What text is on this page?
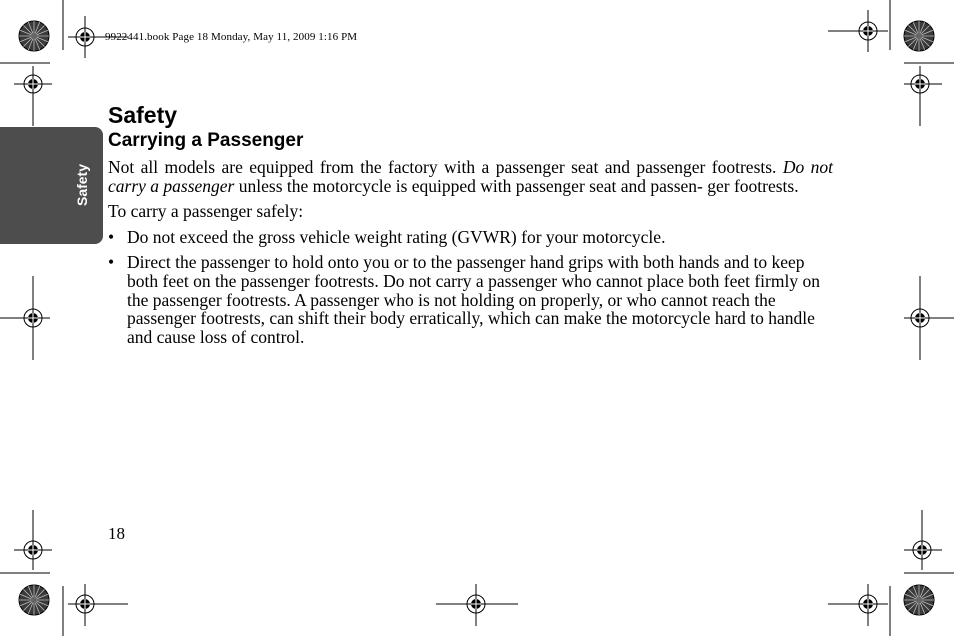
9922441.book Page 18 Monday, May 11, 2009 1:16 PM
Safety
Safety
Carrying a Passenger

Not all models are equipped from the factory with a passenger seat and passenger footrests. Do not carry a passenger unless the motorcycle is equipped with passenger seat and passen- ger footrests.

To carry a passenger safely:

• Do not exceed the gross vehicle weight rating (GVWR) for your motorcycle.
• Direct the passenger to hold onto you or to the passenger hand grips with both hands and to keep both feet on the passenger footrests. Do not carry a passenger who cannot place both feet firmly on the passenger footrests. A passenger who is not holding on properly, or who cannot reach the passenger footrests, can shift their body erratically, which can make the motorcycle hard to handle and cause loss of control.
18
